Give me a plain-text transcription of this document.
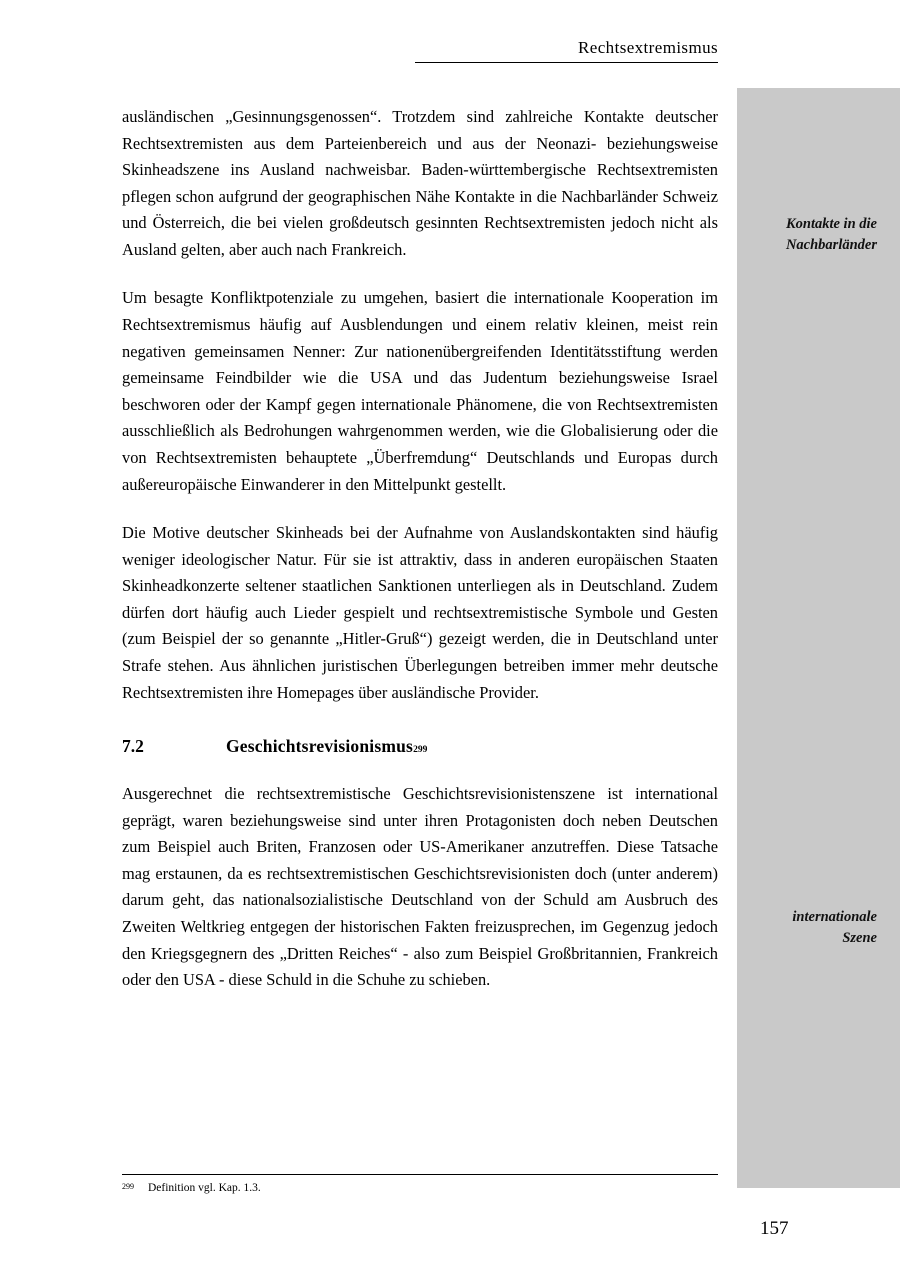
Rechtsextremismus
Kontakte in die
Nachbarländer
internationale
Szene

ausländischen „Gesinnungsgenossen“. Trotzdem sind zahlreiche Kontakte deutscher Rechtsextremisten aus dem Parteienbereich und aus der Neonazi- beziehungsweise Skinheadszene ins Ausland nachweisbar. Baden-württembergische Rechtsextremisten pflegen schon aufgrund der geographischen Nähe Kontakte in die Nachbarländer Schweiz und Österreich, die bei vielen großdeutsch gesinnten Rechtsextremisten jedoch nicht als Ausland gelten, aber auch nach Frankreich.

Um besagte Konfliktpotenziale zu umgehen, basiert die internationale Kooperation im Rechtsextremismus häufig auf Ausblendungen und einem relativ kleinen, meist rein negativen gemeinsamen Nenner: Zur nationenübergreifenden Identitätsstiftung werden gemeinsame Feindbilder wie die USA und das Judentum beziehungsweise Israel beschworen oder der Kampf gegen internationale Phänomene, die von Rechtsextremisten ausschließlich als Bedrohungen wahrgenommen werden, wie die Globalisierung oder die von Rechtsextremisten behauptete „Überfremdung“ Deutschlands und Europas durch außereuropäische Einwanderer in den Mittelpunkt gestellt.

Die Motive deutscher Skinheads bei der Aufnahme von Auslandskontakten sind häufig weniger ideologischer Natur. Für sie ist attraktiv, dass in anderen europäischen Staaten Skinheadkonzerte seltener staatlichen Sanktionen unterliegen als in Deutschland. Zudem dürfen dort häufig auch Lieder gespielt und rechtsextremistische Symbole und Gesten (zum Beispiel der so genannte „Hitler-Gruß“) gezeigt werden, die in Deutschland unter Strafe stehen. Aus ähnlichen juristischen Überlegungen betreiben immer mehr deutsche Rechtsextremisten ihre Homepages über ausländische Provider.

7.2	Geschichtsrevisionismus 299

Ausgerechnet die rechtsextremistische Geschichtsrevisionistenszene ist international geprägt, waren beziehungsweise sind unter ihren Protagonisten doch neben Deutschen zum Beispiel auch Briten, Franzosen oder US-Amerikaner anzutreffen. Diese Tatsache mag erstaunen, da es rechtsextremistischen Geschichtsrevisionisten doch (unter anderem) darum geht, das nationalsozialistische Deutschland von der Schuld am Ausbruch des Zweiten Weltkrieg entgegen der historischen Fakten freizusprechen, im Gegenzug jedoch den Kriegsgegnern des „Dritten Reiches“ - also zum Beispiel Großbritannien, Frankreich oder den USA - diese Schuld in die Schuhe zu schieben.

299	Definition vgl. Kap. 1.3.
157
